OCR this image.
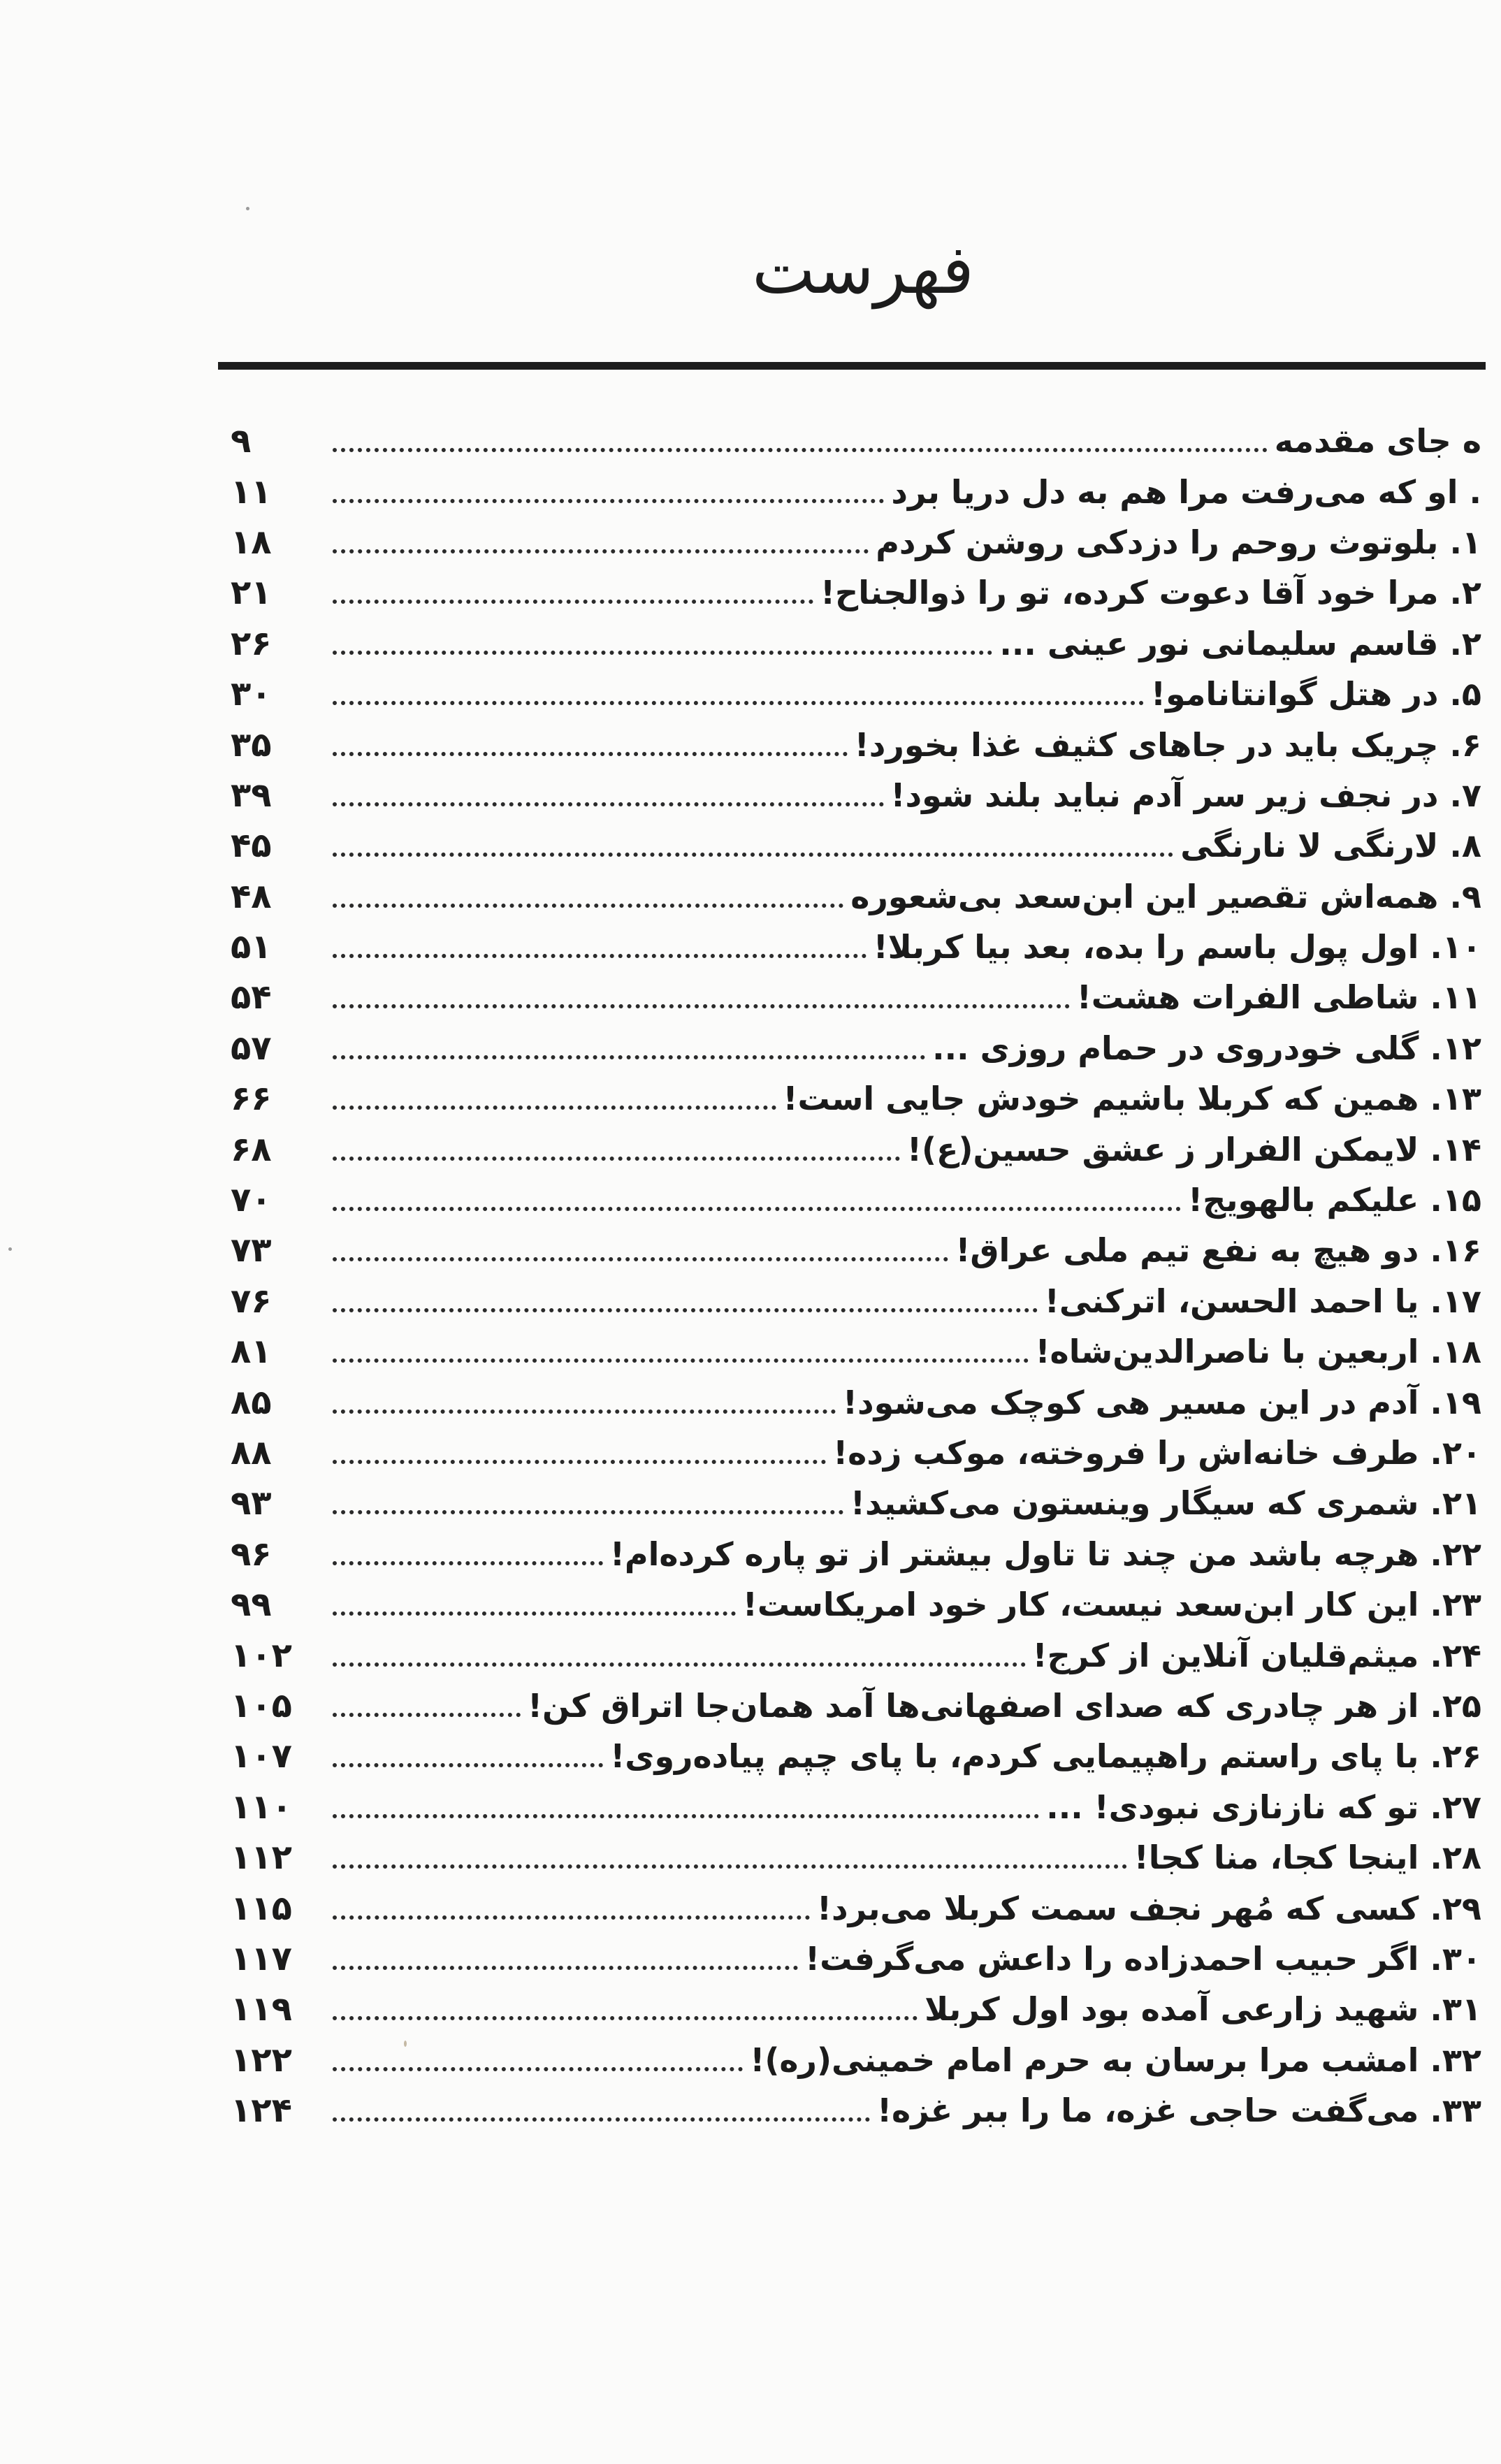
فهرست
ه جای مقدمه
۹
. او که می‌رفت مرا هم به دل دریا برد
۱۱
۱. بلوتوث روحم را دزدکی روشن کردم
۱۸
۲. مرا خود آقا دعوت کرده، تو را ذوالجناح!
۲۱
۲. قاسم سلیمانی نور عینی ...
۲۶
۵. در هتل گوانتانامو!
۳۰
۶. چریک باید در جاهای کثیف غذا بخورد!
۳۵
۷. در نجف زیر سر آدم نباید بلند شود!
۳۹
۸. لارنگی لا نارنگی
۴۵
۹. همه‌اش تقصیر این ابن‌سعد بی‌شعوره
۴۸
۱۰. اول پول باسم را بده، بعد بیا کربلا!
۵۱
۱۱. شاطی الفرات هشت!
۵۴
۱۲. گلی خودروی در حمام روزی ...
۵۷
۱۳. همین که کربلا باشیم خودش جایی است!
۶۶
۱۴. لایمکن الفرار ز عشق حسین(ع)!
۶۸
۱۵. علیکم بالهویج!
۷۰
۱۶. دو هیچ به نفع تیم ملی عراق!
۷۳
۱۷. یا احمد الحسن، اترکنی!
۷۶
۱۸. اربعین با ناصرالدین‌شاه!
۸۱
۱۹. آدم در این مسیر هی کوچک می‌شود!
۸۵
۲۰. طرف خانه‌اش را فروخته، موکب زده!
۸۸
۲۱. شمری که سیگار وینستون می‌کشید!
۹۳
۲۲. هرچه باشد من چند تا تاول بیشتر از تو پاره کرده‌ام!
۹۶
۲۳. این کار ابن‌سعد نیست، کار خود امریکاست!
۹۹
۲۴. میثم‌قلیان آنلاین از کرج!
۱۰۲
۲۵. از هر چادری که صدای اصفهانی‌ها آمد همان‌جا اتراق کن!
۱۰۵
۲۶. با پای راستم راهپیمایی کردم، با پای چپم پیاده‌روی!
۱۰۷
۲۷. تو که نازنازی نبودی! ...
۱۱۰
۲۸. اینجا کجا، منا کجا!
۱۱۲
۲۹. کسی که مُهر نجف سمت کربلا می‌برد!
۱۱۵
۳۰. اگر حبیب احمدزاده را داعش می‌گرفت!
۱۱۷
۳۱. شهید زارعی آمده بود اول کربلا
۱۱۹
۳۲. امشب مرا برسان به حرم امام خمینی(ره)!
۱۲۲
۳۳. می‌گفت حاجی غزه، ما را ببر غزه!
۱۲۴
